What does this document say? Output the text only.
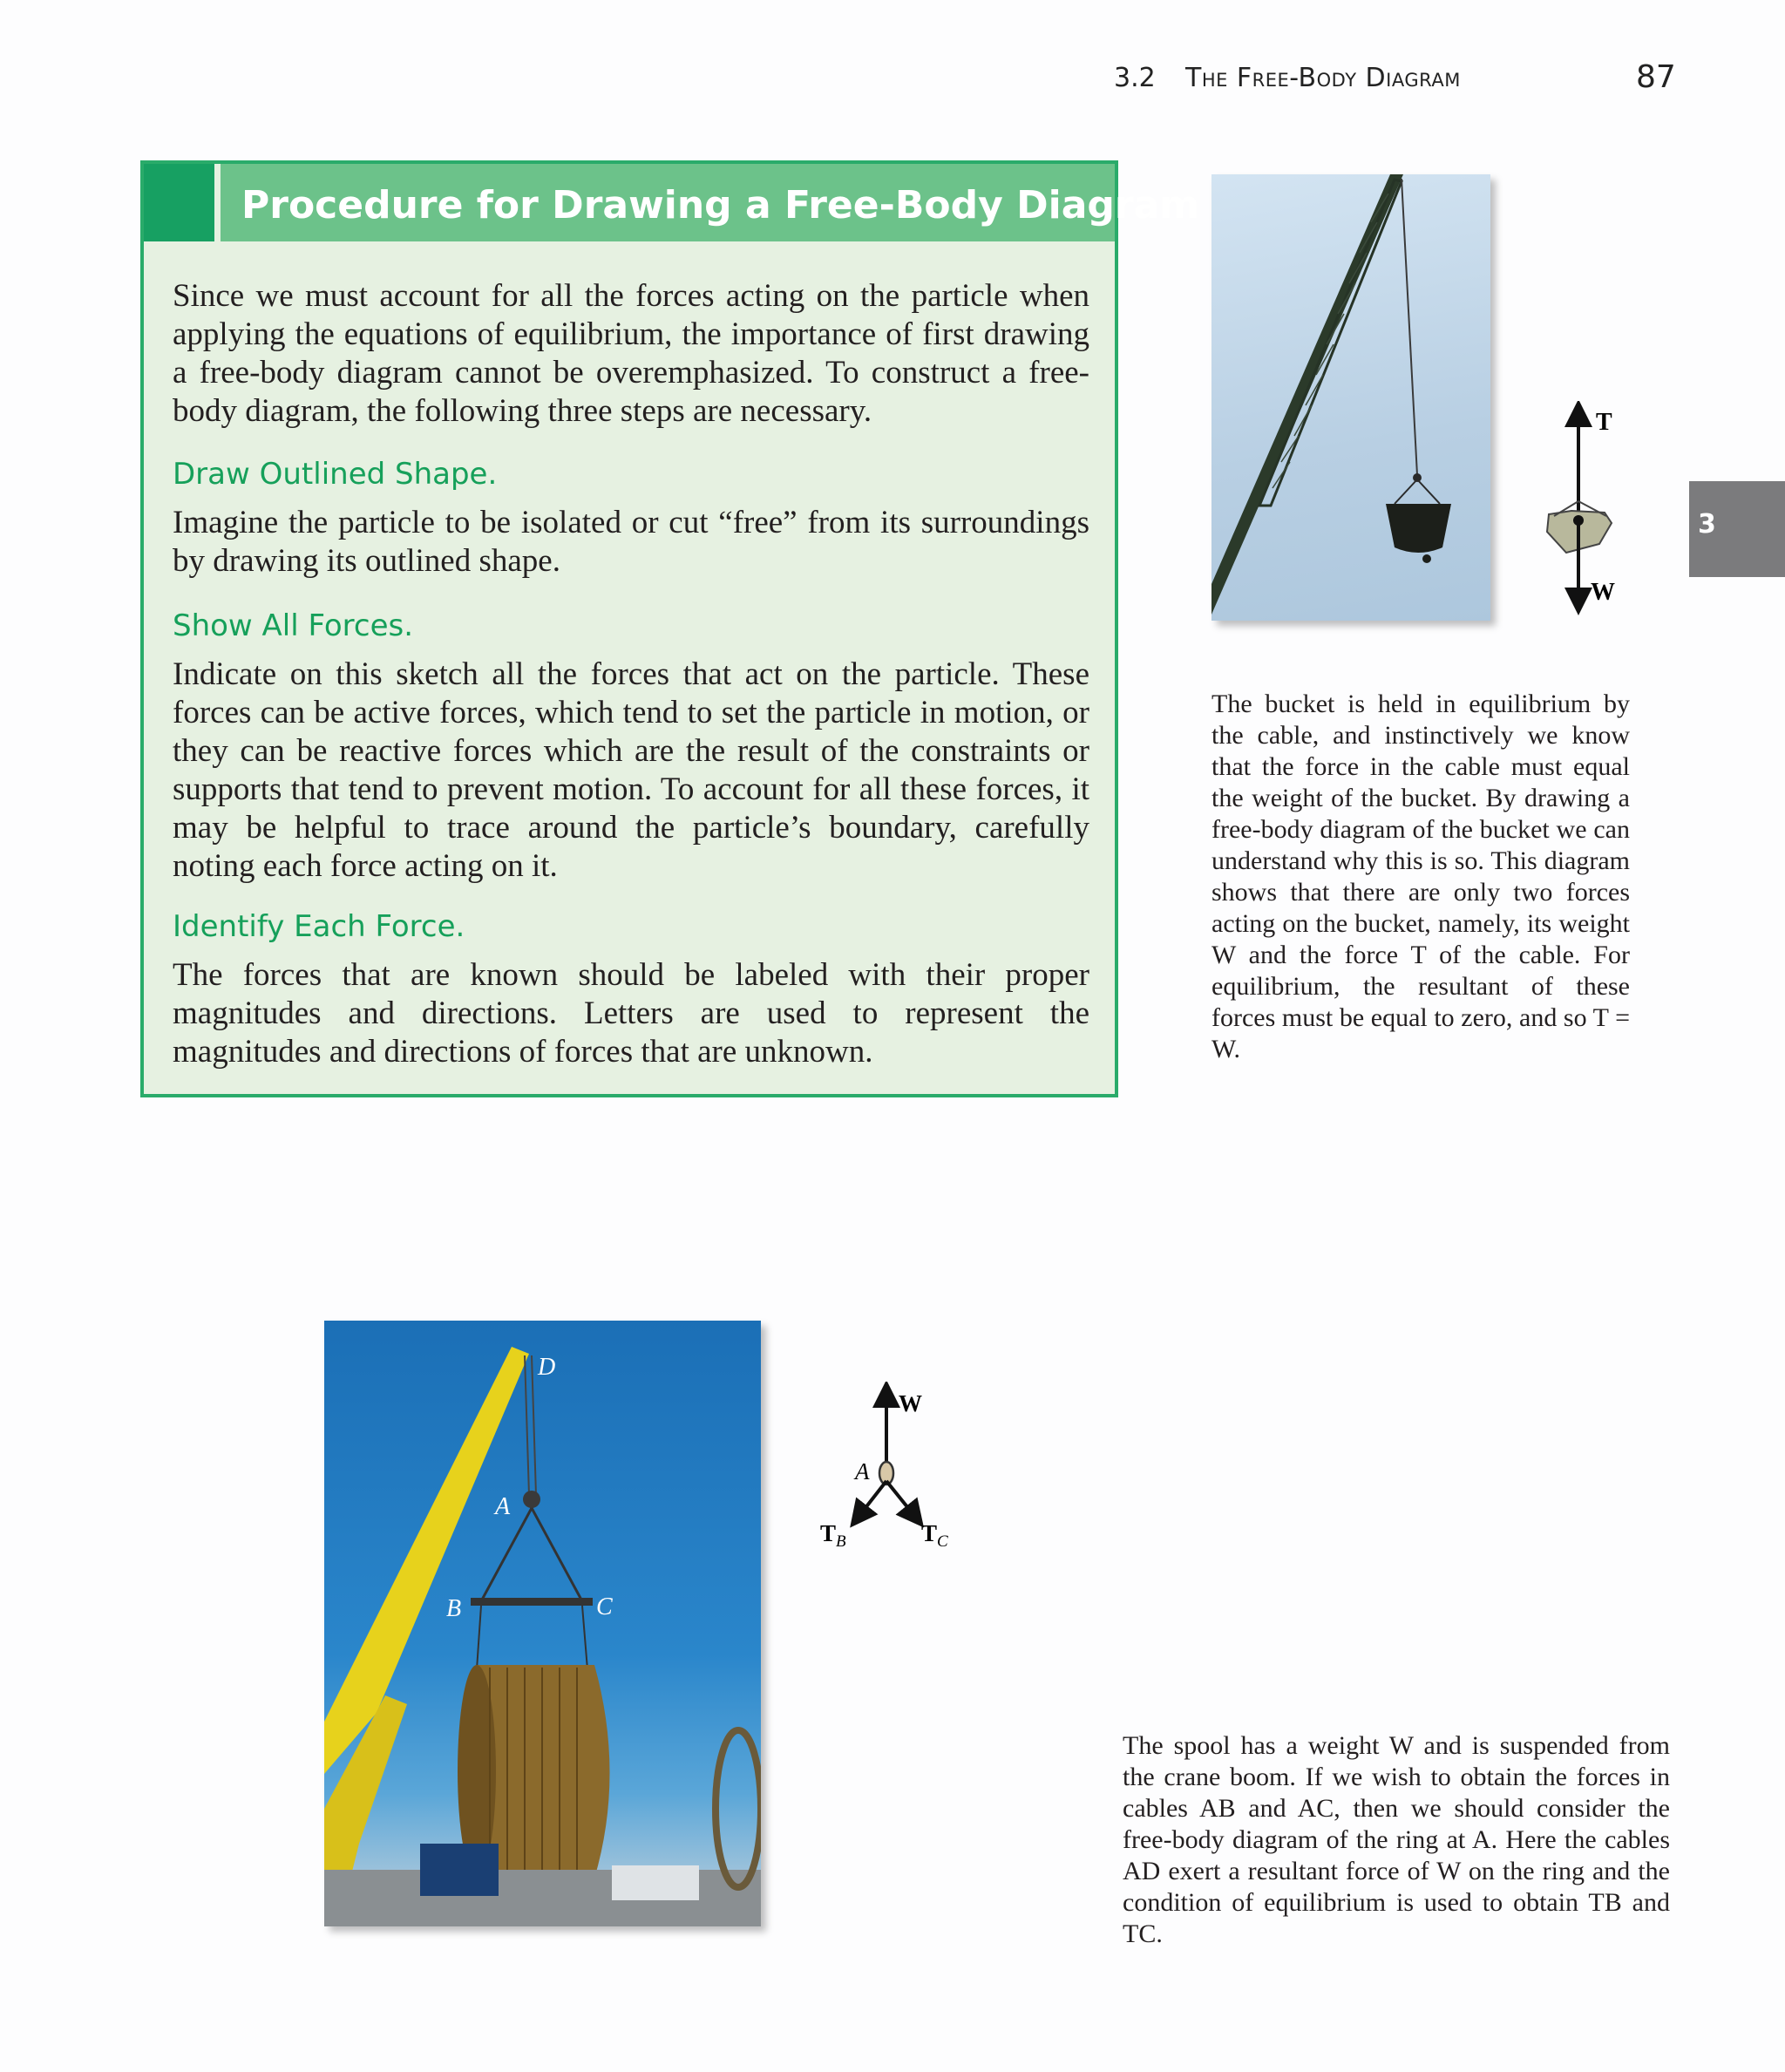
3.2 The Free-Body Diagram	87
3
Procedure for Drawing a Free-Body Diagram

Since we must account for all the forces acting on the particle when applying the equations of equilibrium, the importance of first drawing a free-body diagram cannot be overemphasized. To construct a free-body diagram, the following three steps are necessary.

Draw Outlined Shape.

Imagine the particle to be isolated or cut “free” from its surroundings by drawing its outlined shape.

Show All Forces.

Indicate on this sketch all the forces that act on the particle. These forces can be active forces, which tend to set the particle in motion, or they can be reactive forces which are the result of the constraints or supports that tend to prevent motion. To account for all these forces, it may be helpful to trace around the particle’s boundary, carefully noting each force acting on it.

Identify Each Force.

The forces that are known should be labeled with their proper magnitudes and directions. Letters are used to represent the magnitudes and directions of forces that are unknown.

T
W

The bucket is held in equilibrium by the cable, and instinctively we know that the force in the cable must equal the weight of the bucket. By drawing a free-body diagram of the bucket we can understand why this is so. This diagram shows that there are only two forces acting on the bucket, namely, its weight W and the force T of the cable. For equilibrium, the resultant of these forces must be equal to zero, and so T = W.

D
A
B	C
W
A
$T_B$	$T_C$

The spool has a weight W and is suspended from the crane boom. If we wish to obtain the forces in cables AB and AC, then we should consider the free-body diagram of the ring at A. Here the cables AD exert a resultant force of W on the ring and the condition of equilibrium is used to obtain TB and TC.
